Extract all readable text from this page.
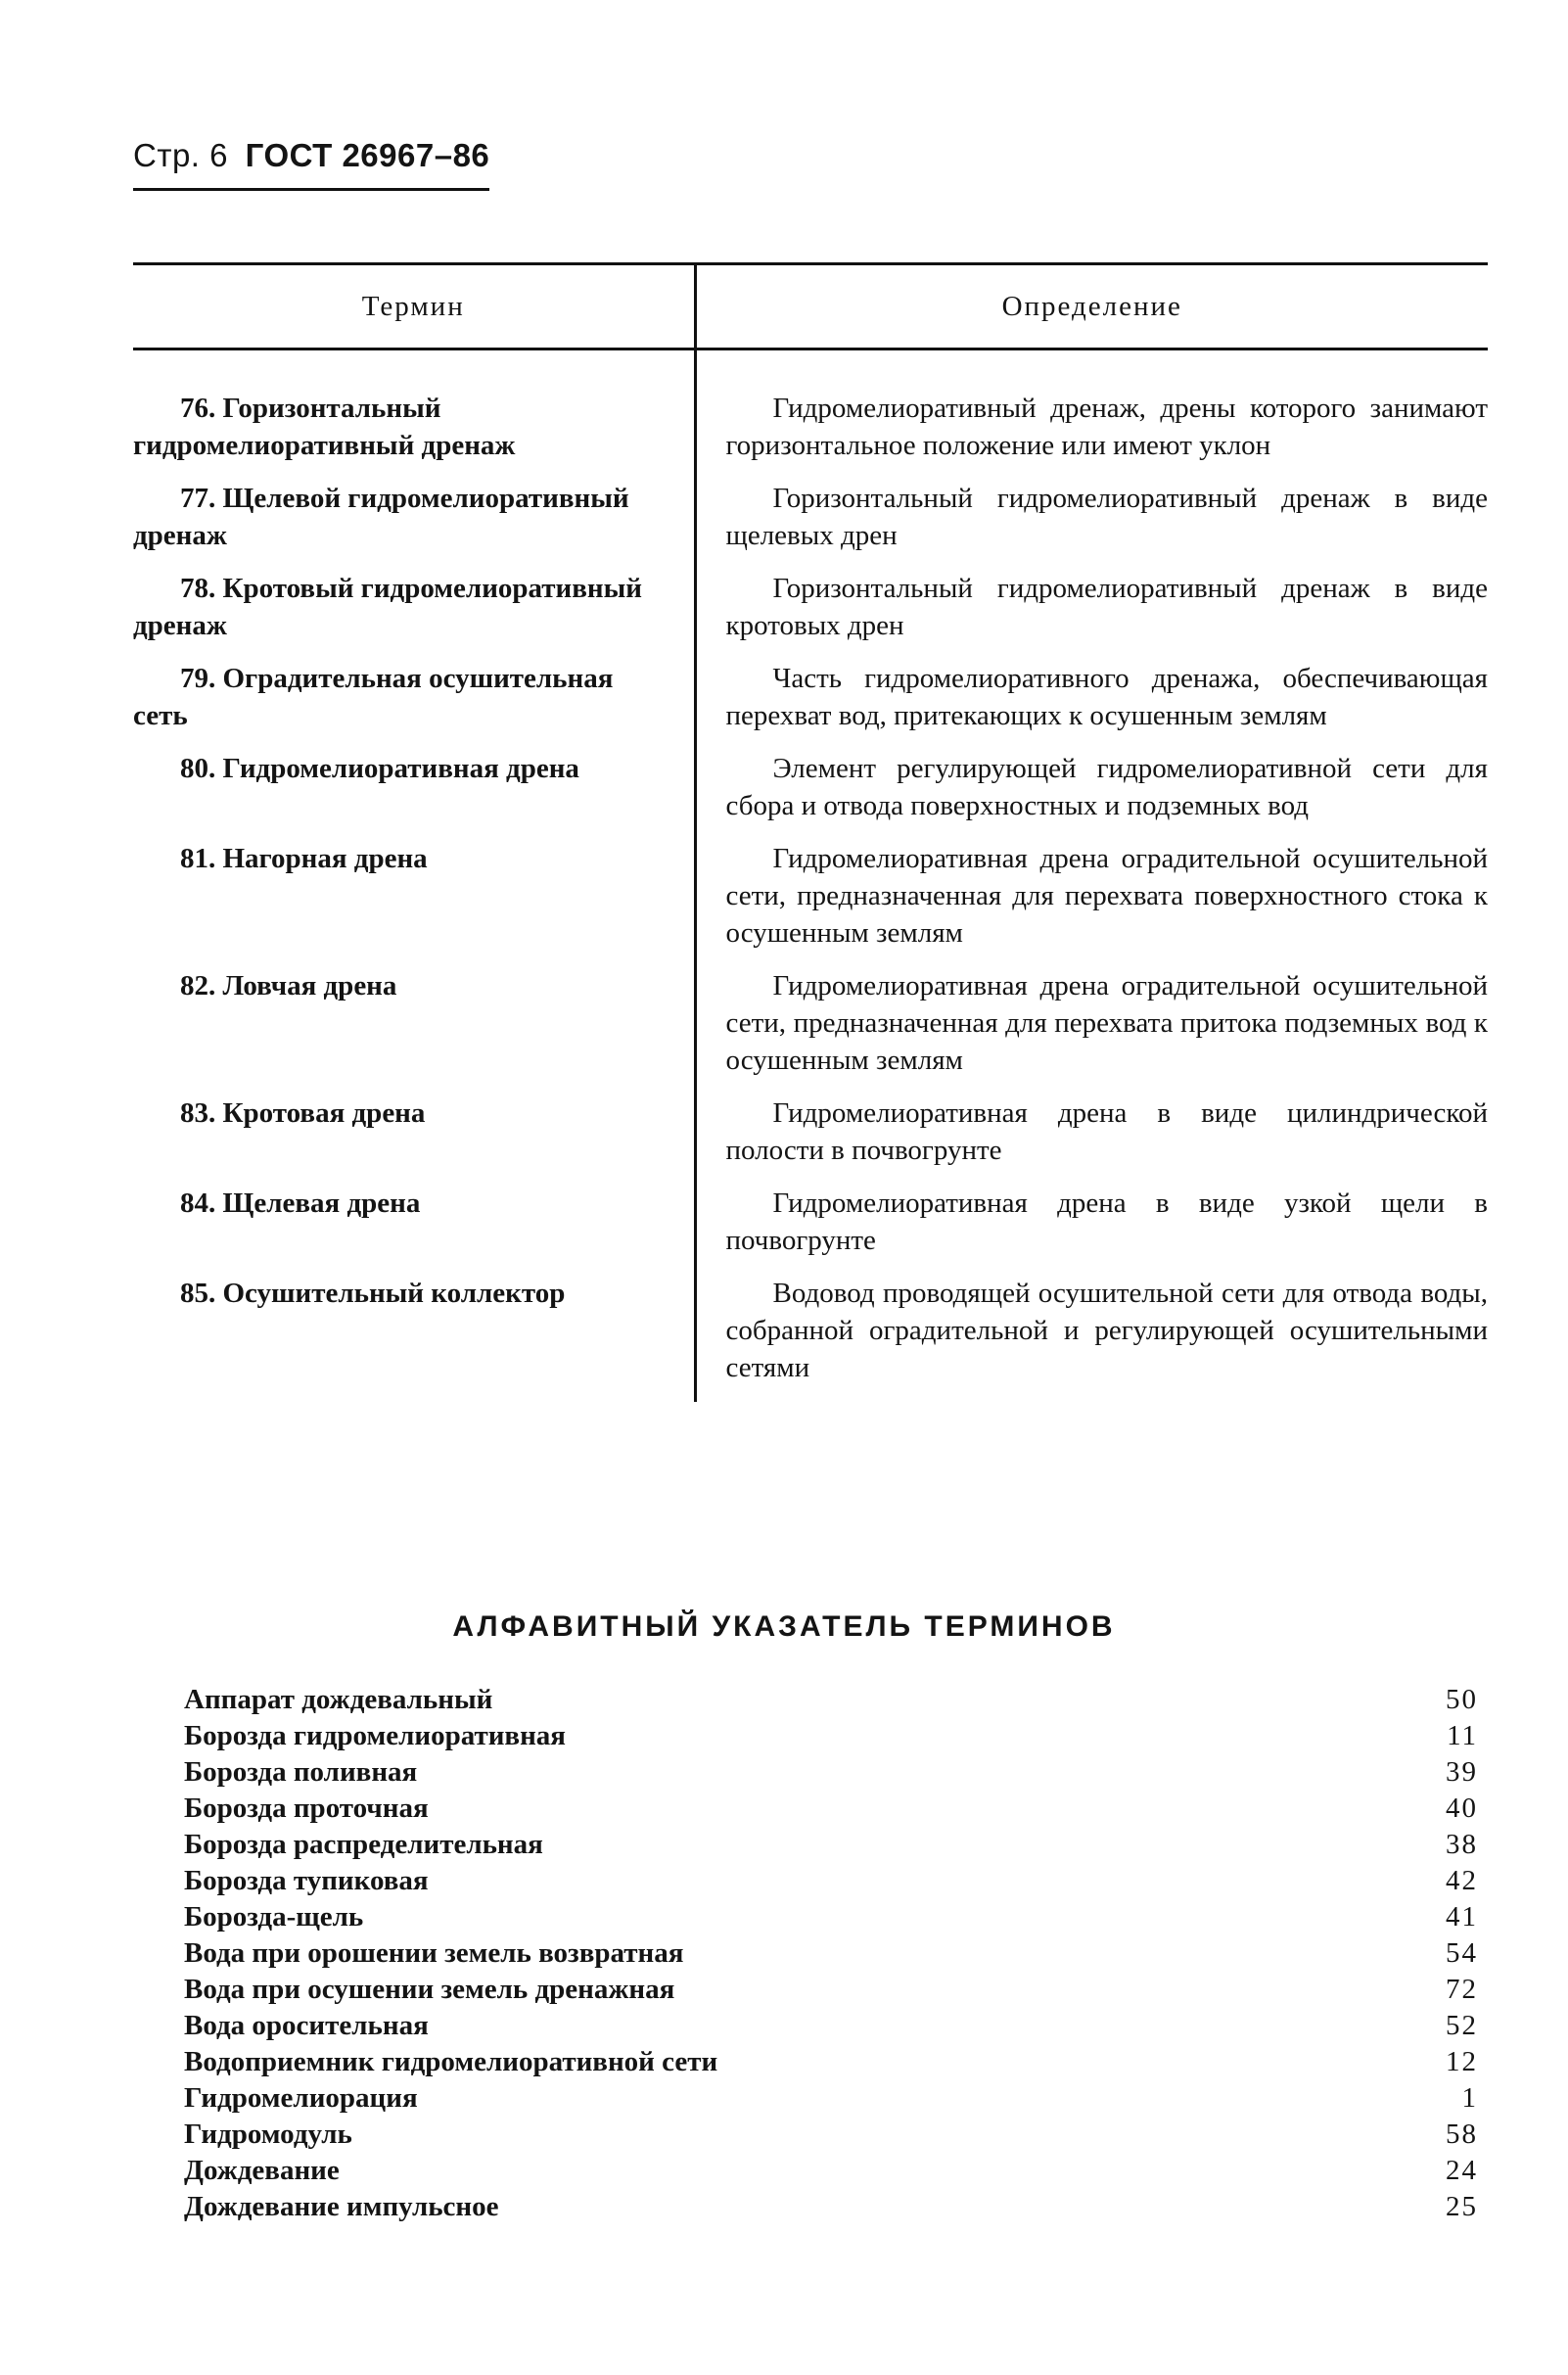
Стр. 6 ГОСТ 26967–86
Термин	Определение
76. Горизонтальный гидромелиоративный дренаж	Гидромелиоративный дренаж, дрены которого занимают горизонтальное положение или имеют уклон
77. Щелевой гидромелиоративный дренаж	Горизонтальный гидромелиоративный дренаж в виде щелевых дрен
78. Кротовый гидромелиоративный дренаж	Горизонтальный гидромелиоративный дренаж в виде кротовых дрен
79. Оградительная осушительная сеть	Часть гидромелиоративного дренажа, обеспечивающая перехват вод, притекающих к осушенным землям
80. Гидромелиоративная дрена	Элемент регулирующей гидромелиоративной сети для сбора и отвода поверхностных и подземных вод
81. Нагорная дрена	Гидромелиоративная дрена оградительной осушительной сети, предназначенная для перехвата поверхностного стока к осушенным землям
82. Ловчая дрена	Гидромелиоративная дрена оградительной осушительной сети, предназначенная для перехвата притока подземных вод к осушенным землям
83. Кротовая дрена	Гидромелиоративная дрена в виде цилиндрической полости в почвогрунте
84. Щелевая дрена	Гидромелиоративная дрена в виде узкой щели в почвогрунте
85. Осушительный коллектор	Водовод проводящей осушительной сети для отвода воды, собранной оградительной и регулирующей осушительными сетями
АЛФАВИТНЫЙ УКАЗАТЕЛЬ ТЕРМИНОВ
Аппарат дождевальный	50
Борозда гидромелиоративная	11
Борозда поливная	39
Борозда проточная	40
Борозда распределительная	38
Борозда тупиковая	42
Борозда-щель	41
Вода при орошении земель возвратная	54
Вода при осушении земель дренажная	72
Вода оросительная	52
Водоприемник гидромелиоративной сети	12
Гидромелиорация	1
Гидромодуль	58
Дождевание	24
Дождевание импульсное	25
